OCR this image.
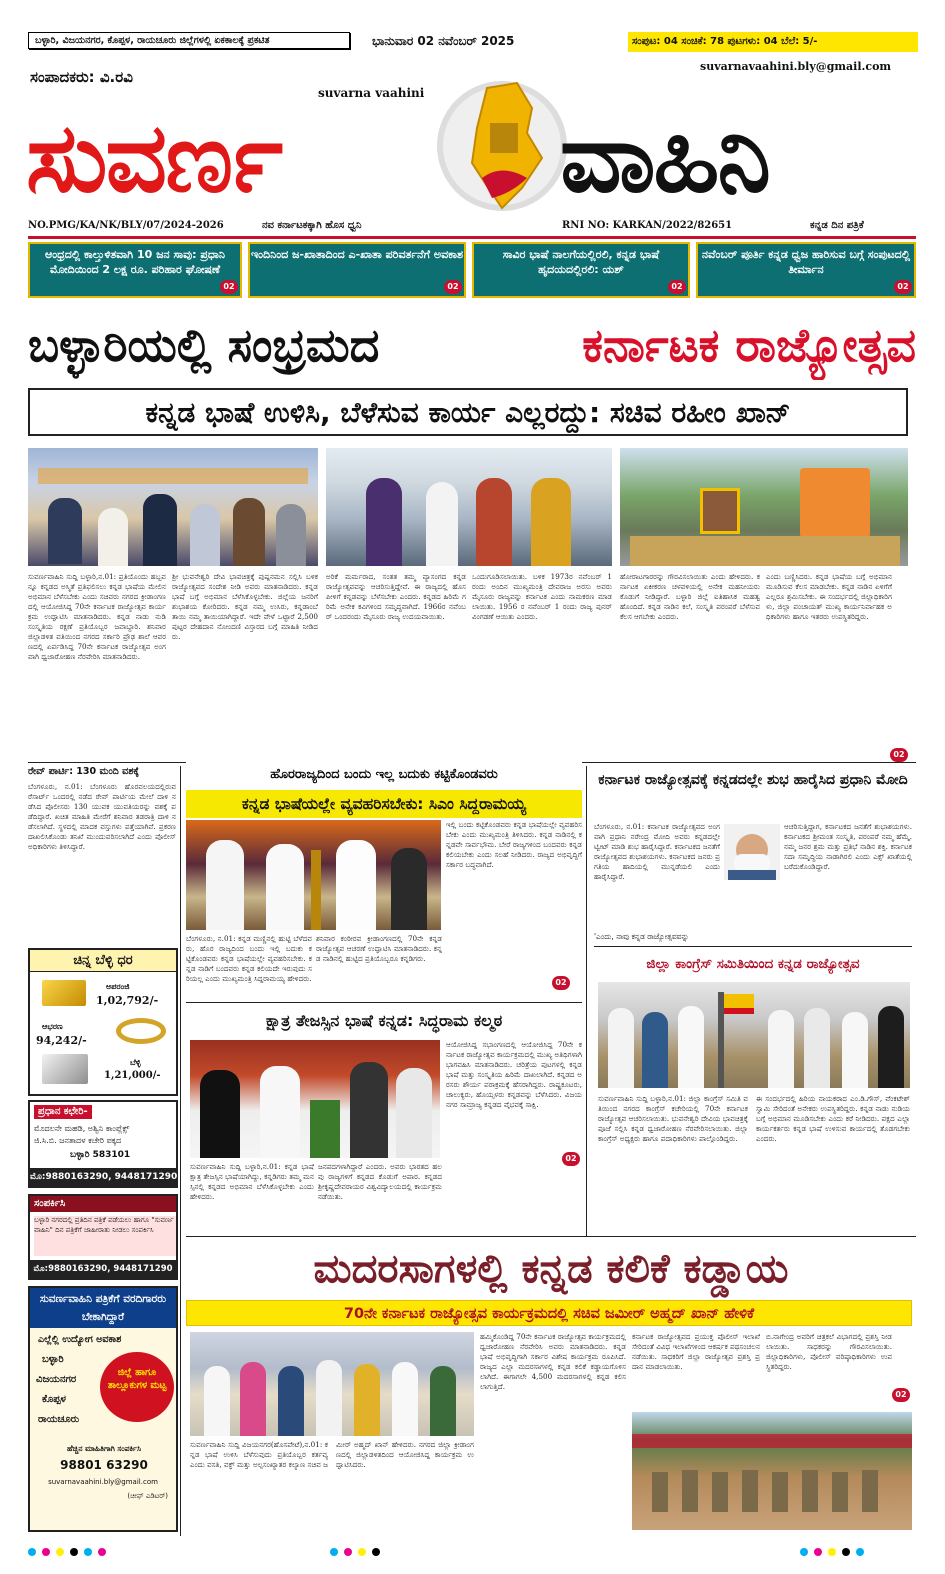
ಬಳ್ಳಾರಿ, ವಿಜಯನಗರ, ಕೊಪ್ಪಳ, ರಾಯಚೂರು ಜಿಲ್ಲೆಗಳಲ್ಲಿ ಏಕಕಾಲಕ್ಕೆ ಪ್ರಕಟಿತ	ಭಾನುವಾರ 02 ನವೆಂಬರ್ 2025	ಸಂಪುಟ: 04 ಸಂಚಿಕೆ: 78 ಪುಟಗಳು: 04 ಬೆಲೆ: 5/-
suvarnavaahini.bly@gmail.com
ಸಂಪಾದಕರು: ವಿ.ರವಿ
suvarna vaahini
ಸುವರ್ಣ	ವಾಹಿನಿ
NO.PMG/KA/NK/BLY/07/2024-2026	ನವ ಕರ್ನಾಟಕಕ್ಕಾಗಿ ಹೊಸ ಧ್ವನಿ	RNI NO: KARKAN/2022/82651	ಕನ್ನಡ ದಿನ ಪತ್ರಿಕೆ
ಆಂಧ್ರದಲ್ಲಿ ಕಾಲ್ತುಳಿತವಾಗಿ 10 ಜನ ಸಾವು: ಪ್ರಧಾನಿ ಮೋದಿಯಿಂದ 2 ಲಕ್ಷ ರೂ. ಪರಿಹಾರ ಘೋಷಣೆ
02
ಇಂದಿನಿಂದ ಜ-ಖಾತಾದಿಂದ ಎ-ಖಾತಾ ಪರಿವರ್ತನೆಗೆ ಅವಕಾಶ
02
ಸಾವಿರ ಭಾಷೆ ನಾಲಗೆಯಲ್ಲಿರಲಿ, ಕನ್ನಡ ಭಾಷೆ ಹೃದಯದಲ್ಲಿರಲಿ: ಯಶ್
02
ನವೆಂಬರ್ ಪೂರ್ತಿ ಕನ್ನಡ ಧ್ವಜ ಹಾರಿಸುವ ಬಗ್ಗೆ ಸಂಪುಟದಲ್ಲಿ ತೀರ್ಮಾನ
02
ಬಳ್ಳಾರಿಯಲ್ಲಿ ಸಂಭ್ರಮದ	ಕರ್ನಾಟಕ ರಾಜ್ಯೋತ್ಸವ
ಕನ್ನಡ ಭಾಷೆ ಉಳಿಸಿ, ಬೆಳೆಸುವ ಕಾರ್ಯ ಎಲ್ಲರದ್ದು: ಸಚಿವ ರಹೀಂ ಖಾನ್
ಸುವರ್ಣವಾಹಿನಿ ಸುದ್ದಿ ಬಳ್ಳಾರಿ,ನ.01: ಪ್ರತಿಯೊಂದು ಹಬ್ಬವನ್ನೂ ಕನ್ನಡದ ಅಸ್ಮಿತೆ ಪ್ರತಿಫಲಿಸಲು ಕನ್ನಡ ಭಾಷೆಯ ಮೇಲಿನ ಅಭಿಮಾನ ಬೆಳೆಸಬೇಕು ಎಂದು ಸಚಿವರು ನಗರದ ಕ್ರೀಡಾಂಗಣದಲ್ಲಿ ಆಯೋಜಿಸಿದ್ದ 70ನೇ ಕರ್ನಾಟಕ ರಾಜ್ಯೋತ್ಸವ ಕಾರ್ಯಕ್ರಮ ಉದ್ಘಾಟಿಸಿ ಮಾತನಾಡಿದರು. ಕನ್ನಡ ನಾಡು ನುಡಿ ಸಂಸ್ಕೃತಿಯ ರಕ್ಷಣೆ ಪ್ರತಿಯೊಬ್ಬರ ಜವಾಬ್ದಾರಿ. ಶನಿವಾರ ಜಿಲ್ಲಾಡಳಿತ ವತಿಯಿಂದ ನಗರದ ಸರ್ಕಾರಿ ಪ್ರೌಢ ಶಾಲೆ ಆವರಣದಲ್ಲಿ ಏರ್ಪಡಿಸಿದ್ದ 70ನೇ ಕರ್ನಾಟಕ ರಾಜ್ಯೋತ್ಸವ ಅಂಗವಾಗಿ ಧ್ವಜಾರೋಹಣ ನೆರವೇರಿಸಿ ಮಾತನಾಡಿದರು.
ಶ್ರೀ ಭುವನೇಶ್ವರಿ ದೇವಿ ಭಾವಚಿತ್ರಕ್ಕೆ ಪುಷ್ಪನಮನ ಸಲ್ಲಿಸಿ ಬಳಿಕ ರಾಜ್ಯೋತ್ಸವದ ಸಂದೇಶ ನೀಡಿ ಅವರು ಮಾತನಾಡಿದರು. ಕನ್ನಡ ಭಾಷೆ ಬಗ್ಗೆ ಅಭಿಮಾನ ಬೆಳೆಸಿಕೊಳ್ಳಬೇಕು. ಜಿಲ್ಲೆಯ ಜನರಿಗೆ ಶುಭಾಶಯ ಕೋರಿದರು. ಕನ್ನಡ ನಮ್ಮ ಉಸಿರು, ಕನ್ನಡಾಂಬೆ ತಾಯಿ ನಮ್ಮ ತಾಯಿಯಾಗಿದ್ದಾರೆ. ಇದೇ ವೇಳೆ ಒಟ್ಟಾರೆ 2,500 ಪುಟ್ಟರ ದೇಹದಾನ ನೋಂದಣಿ ವಿಸ್ತಾರದ ಬಗ್ಗೆ ಮಾಹಿತಿ ನೀಡಿದರು.
ಅರಿಕೆ ಮರ್ಮರಾದ, ಸಂತತ ತಮ್ಮ ವ್ಯಾಸಂಗದ ಕನ್ನಡ ರಾಜ್ಯೋತ್ಸವವನ್ನು ಆಚರಿಸುತ್ತಿದ್ದೇವೆ. ಈ ರಾಜ್ಯದಲ್ಲಿ ಹೊಸಪೀಳಿಗೆ ಕನ್ನಡವನ್ನು ಬೆಳೆಸಬೇಕು ಎಂದರು. ಕನ್ನಡದ ಹಿರಿಮೆ ಗರಿಮೆ ಅನೇಕ ಕವಿಗಳಿಂದ ಸಮೃದ್ಧವಾಗಿದೆ. 1966ರ ನವೆಂಬರ್ ಒಂದರಂದು ಮೈಸೂರು ರಾಜ್ಯ ಉದಯವಾಯಿತು.
ಒಂದುಗೂಡಿಸಲಾಯಿತು. ಬಳಿಕ 1973ರ ನವೆಂಬರ್ 1 ರಂದು ಅಂದಿನ ಮುಖ್ಯಮಂತ್ರಿ ದೇವರಾಜ ಅರಸು ಅವರು ಮೈಸೂರು ರಾಜ್ಯವನ್ನು ಕರ್ನಾಟಕ ಎಂದು ನಾಮಕರಣ ಮಾಡಲಾಯಿತು. 1956 ರ ನವೆಂಬರ್ 1 ರಂದು ರಾಜ್ಯ ಪುನರ್ ವಿಂಗಡಣೆ ಆಯಿತು ಎಂದರು.
ಹೋರಾಟಗಾರರನ್ನು ಗೌರವಿಸಲಾಯಿತು ಎಂದು ಹೇಳಿದರು. ಕರ್ನಾಟಕ ಏಕೀಕರಣ ಚಳವಳಿಯಲ್ಲಿ ಅನೇಕ ಮಹನೀಯರು ಕೊಡುಗೆ ನೀಡಿದ್ದಾರೆ. ಬಳ್ಳಾರಿ ಜಿಲ್ಲೆ ಐತಿಹಾಸಿಕ ಮಹತ್ವ ಹೊಂದಿದೆ. ಕನ್ನಡ ನಾಡಿನ ಕಲೆ, ಸಂಸ್ಕೃತಿ ಪರಂಪರೆ ಬೆಳೆಸುವ ಕೆಲಸ ಆಗಬೇಕು ಎಂದರು.
ಎಂದು ಬಣ್ಣಿಸಿದರು. ಕನ್ನಡ ಭಾಷೆಯ ಬಗ್ಗೆ ಅಭಿಮಾನ ಮೂಡಿಸುವ ಕೆಲಸ ಮಾಡಬೇಕು. ಕನ್ನಡ ನಾಡಿನ ಏಳಿಗೆಗೆ ಎಲ್ಲರೂ ಶ್ರಮಿಸಬೇಕು. ಈ ಸಂದರ್ಭದಲ್ಲಿ ಜಿಲ್ಲಾಧಿಕಾರಿಗಳು, ಜಿಲ್ಲಾ ಪಂಚಾಯತ್ ಮುಖ್ಯ ಕಾರ್ಯನಿರ್ವಾಹಕ ಅಧಿಕಾರಿಗಳು ಹಾಗೂ ಇತರರು ಉಪಸ್ಥಿತರಿದ್ದರು.
02
ರೇವ್ ಪಾರ್ಟಿ: 130 ಮಂದಿ ವಶಕ್ಕೆ
ಬೆಂಗಳೂರು, ನ.01: ಬೆಂಗಳೂರು ಹೊರವಲಯದಲ್ಲಿರುವ ರೆಸಾರ್ಟ್ ಒಂದರಲ್ಲಿ ನಡೆದ ರೇವ್ ಪಾರ್ಟಿಯ ಮೇಲೆ ದಾಳಿ ನಡೆಸಿದ ಪೊಲೀಸರು 130 ಯುವಕ ಯುವತಿಯರನ್ನು ವಶಕ್ಕೆ ಪಡೆದಿದ್ದಾರೆ. ಖಚಿತ ಮಾಹಿತಿ ಮೇರೆಗೆ ಶನಿವಾರ ತಡರಾತ್ರಿ ದಾಳಿ ನಡೆಸಲಾಗಿದೆ. ಸ್ಥಳದಲ್ಲಿ ಮಾದಕ ವಸ್ತುಗಳು ಪತ್ತೆಯಾಗಿವೆ. ಪ್ರಕರಣ ದಾಖಲಿಸಿಕೊಂಡು ತನಿಖೆ ಮುಂದುವರಿಸಲಾಗಿದೆ ಎಂದು ಪೊಲೀಸ್ ಅಧಿಕಾರಿಗಳು ತಿಳಿಸಿದ್ದಾರೆ.
ಚಿನ್ನ ಬೆಳ್ಳಿ ಧರ
ಅಪರಂಜಿ
1,02,792/-
ಆಭರಣ
94,242/-
ಬೆಳ್ಳಿ
1,21,000/-
ಪ್ರಧಾನ ಕಛೇರಿ-
ಮೊದಲನೇ ಮಹಡಿ, ಅಶ್ವಿನಿ ಕಾಂಪ್ಲೆಕ್ಸ್
ಜಿ.ಸಿ.ಬಿ. ಜನತಾದಳ ಕಚೇರಿ ಪಕ್ಕದ
ಬಳ್ಳಾರಿ 583101
ಮೊ:9880163290, 9448171290
ಸಂಪರ್ಕಿಸಿ
ಬಳ್ಳಾರಿ ನಗರದಲ್ಲಿ ಪ್ರತಿದಿನ ಪತ್ರಿಕೆ ಪಡೆಯಲು ಹಾಗೂ "ಸುವರ್ಣ ವಾಹಿನಿ" ದಿನ ಪತ್ರಿಕೆಗೆ ಜಾಹೀರಾತು ನೀಡಲು ಸಂಪರ್ಕಿಸಿ
ಮೊ:9880163290, 9448171290
ಸುವರ್ಣವಾಹಿನಿ ಪತ್ರಿಕೆಗೆ ವರದಿಗಾರರು ಬೇಕಾಗಿದ್ದಾರೆ
ಎಲ್ಲೆಲ್ಲಿ ಉದ್ಯೋಗ ಅವಕಾಶ
ಬಳ್ಳಾರಿ
ವಿಜಯನಗರ
ಕೊಪ್ಪಳ
ರಾಯಚೂರು
ಜಿಲ್ಲೆ ಹಾಗೂ ತಾಲ್ಲೂಕುಗಳ ಮಟ್ಟ
ಹೆಚ್ಚಿನ ಮಾಹಿತಿಗಾಗಿ ಸಂಪರ್ಕಿಸಿ
98801 63290
suvarnavaahini.bly@gmail.com
(ಚೀಫ್ ಎಡಿಟರ್)
ಹೊರರಾಜ್ಯದಿಂದ ಬಂದು ಇಲ್ಲ ಬದುಕು ಕಟ್ಟಿಕೊಂಡವರು
ಕನ್ನಡ ಭಾಷೆಯಲ್ಲೇ ವ್ಯವಹರಿಸಬೇಕು: ಸಿಎಂ ಸಿದ್ದರಾಮಯ್ಯ
ಇಲ್ಲಿ ಬಂದು ಕಟ್ಟಿಕೊಂಡವರು ಕನ್ನಡ ಭಾಷೆಯಲ್ಲೇ ವ್ಯವಹರಿಸಬೇಕು ಎಂದು ಮುಖ್ಯಮಂತ್ರಿ ತಿಳಿಸಿದರು. ಕನ್ನಡ ನಾಡಿನಲ್ಲಿ ಕನ್ನಡವೇ ಸಾರ್ವಭೌಮ. ಬೇರೆ ರಾಜ್ಯಗಳಿಂದ ಬಂದವರು ಕನ್ನಡ ಕಲಿಯಬೇಕು ಎಂದು ಸಲಹೆ ನೀಡಿದರು. ರಾಜ್ಯದ ಅಭಿವೃದ್ಧಿಗೆ ಸರ್ಕಾರ ಬದ್ಧವಾಗಿದೆ.
ಬೆಂಗಳೂರು, ನ.01: ಕನ್ನಡ ಮಣ್ಣಿನಲ್ಲಿ ಹುಟ್ಟಿ ಬೆಳೆದವರು, ಹೊರ ರಾಜ್ಯದಿಂದ ಬಂದು ಇಲ್ಲಿ ಬದುಕು ಕಟ್ಟಿಕೊಂಡವರು ಕನ್ನಡ ಭಾಷೆಯಲ್ಲೇ ವ್ಯವಹರಿಸಬೇಕು. ಕನ್ನಡ ನಾಡಿಗೆ ಬಂದವರು ಕನ್ನಡ ಕಲಿಯದೇ ಇರುವುದು ಸರಿಯಲ್ಲ ಎಂದು ಮುಖ್ಯಮಂತ್ರಿ ಸಿದ್ದರಾಮಯ್ಯ ಹೇಳಿದರು.
ಶನಿವಾರ ಕಂಠೀರವ ಕ್ರೀಡಾಂಗಣದಲ್ಲಿ 70ನೇ ಕನ್ನಡ ರಾಜ್ಯೋತ್ಸವ ಆಚರಣೆ ಉದ್ಘಾಟಿಸಿ ಮಾತನಾಡಿದರು. ಕನ್ನಡ ನಾಡಿನಲ್ಲಿ ಹುಟ್ಟಿದ ಪ್ರತಿಯೊಬ್ಬರೂ ಕನ್ನಡಿಗರು.
02
ಕ್ಷಾತ್ರ ತೇಜಸ್ಸಿನ ಭಾಷೆ ಕನ್ನಡ: ಸಿದ್ಧರಾಮ ಕಲ್ಮಠ
ಆಯೋಜಿಸಿದ್ದ ಸಭಾಂಗಣದಲ್ಲಿ ಆಯೋಜಿಸಿದ್ದ 70ನೇ ಕರ್ನಾಟಕ ರಾಜ್ಯೋತ್ಸವ ಕಾರ್ಯಕ್ರಮದಲ್ಲಿ ಮುಖ್ಯ ಅತಿಥಿಗಳಾಗಿ ಭಾಗವಹಿಸಿ ಮಾತನಾಡಿದರು. ಚರಿತ್ರೆಯ ಪುಟಗಳಲ್ಲಿ ಕನ್ನಡ ಭಾಷೆ ಮತ್ತು ಸಂಸ್ಕೃತಿಯ ಹಿರಿಮೆ ದಾಖಲಾಗಿದೆ. ಕನ್ನಡದ ಅರಸರು ಶೌರ್ಯ ಪರಾಕ್ರಮಕ್ಕೆ ಹೆಸರಾಗಿದ್ದರು. ರಾಷ್ಟ್ರಕೂಟರು, ಚಾಲುಕ್ಯರು, ಹೊಯ್ಸಳರು ಕನ್ನಡವನ್ನು ಬೆಳೆಸಿದರು. ವಿಜಯನಗರ ಸಾಮ್ರಾಜ್ಯ ಕನ್ನಡದ ವೈಭವಕ್ಕೆ ಸಾಕ್ಷಿ.
ಸುವರ್ಣವಾಹಿನಿ ಸುದ್ದಿ ಬಳ್ಳಾರಿ,ನ.01: ಕನ್ನಡ ಭಾಷೆ ಕ್ಷಾತ್ರ ತೇಜಸ್ಸಿನ ಭಾಷೆಯಾಗಿದ್ದು, ಕನ್ನಡಿಗರು ತಮ್ಮ ಮನಸ್ಸಿನಲ್ಲಿ ಕನ್ನಡದ ಅಭಿಮಾನ ಬೆಳೆಸಿಕೊಳ್ಳಬೇಕು ಎಂದು ಹೇಳಿದರು.
ಜನಪದಗಳಾಗಿದ್ದಾರೆ ಎಂದರು. ಅವರು ಭಾರತದ ಹಲವು ರಾಜ್ಯಗಳಿಗೆ ಕನ್ನಡದ ಕೊಡುಗೆ ಅಪಾರ. ಕನ್ನಡದ ಶ್ರೀಕೃಷ್ಣದೇವರಾಯರ ವಿಶ್ವವಿದ್ಯಾಲಯದಲ್ಲಿ ಕಾರ್ಯಕ್ರಮ ನಡೆಯಿತು.
02
ಕರ್ನಾಟಕ ರಾಜ್ಯೋತ್ಸವಕ್ಕೆ ಕನ್ನಡದಲ್ಲೇ ಶುಭ ಹಾರೈಸಿದ ಪ್ರಧಾನಿ ಮೋದಿ
ಬೆಂಗಳೂರು, ನ.01: ಕರ್ನಾಟಕ ರಾಜ್ಯೋತ್ಸವದ ಅಂಗವಾಗಿ ಪ್ರಧಾನಿ ನರೇಂದ್ರ ಮೋದಿ ಅವರು ಕನ್ನಡದಲ್ಲೇ ಟ್ವೀಟ್ ಮಾಡಿ ಶುಭ ಹಾರೈಸಿದ್ದಾರೆ. ಕರ್ನಾಟಕದ ಜನತೆಗೆ ರಾಜ್ಯೋತ್ಸವದ ಶುಭಾಶಯಗಳು. ಕರ್ನಾಟಕದ ಜನರು ಪ್ರಗತಿಯ ಹಾದಿಯಲ್ಲಿ ಮುನ್ನಡೆಯಲಿ ಎಂದು ಹಾರೈಸಿದ್ದಾರೆ.
ಆಚರಿಸುತ್ತಿದ್ದಾಗ, ಕರ್ನಾಟಕದ ಜನತೆಗೆ ಶುಭಾಶಯಗಳು. ಕರ್ನಾಟಕದ ಶ್ರೀಮಂತ ಸಂಸ್ಕೃತಿ, ಪರಂಪರೆ ನಮ್ಮ ಹೆಮ್ಮೆ. ನಮ್ಮ ಜನರ ಶ್ರಮ ಮತ್ತು ಪ್ರತಿಭೆ ನಾಡಿನ ಶಕ್ತಿ. ಕರ್ನಾಟಕ ಸದಾ ಸಮೃದ್ಧಿಯ ನಾಡಾಗಿರಲಿ ಎಂದು ಎಕ್ಸ್ ಖಾತೆಯಲ್ಲಿ ಬರೆದುಕೊಂಡಿದ್ದಾರೆ.
'ಎಂದು, ನಾವು ಕನ್ನಡ ರಾಜ್ಯೋತ್ಸವವನ್ನು
ಜಿಲ್ಲಾ ಕಾಂಗ್ರೆಸ್ ಸಮಿತಿಯಿಂದ ಕನ್ನಡ ರಾಜ್ಯೋತ್ಸವ
ಸುವರ್ಣವಾಹಿನಿ ಸುದ್ದಿ ಬಳ್ಳಾರಿ,ನ.01: ಜಿಲ್ಲಾ ಕಾಂಗ್ರೆಸ್ ಸಮಿತಿ ವತಿಯಿಂದ ನಗರದ ಕಾಂಗ್ರೆಸ್ ಕಚೇರಿಯಲ್ಲಿ 70ನೇ ಕರ್ನಾಟಕ ರಾಜ್ಯೋತ್ಸವ ಆಚರಿಸಲಾಯಿತು. ಭುವನೇಶ್ವರಿ ದೇವಿಯ ಭಾವಚಿತ್ರಕ್ಕೆ ಪೂಜೆ ಸಲ್ಲಿಸಿ ಕನ್ನಡ ಧ್ವಜಾರೋಹಣ ನೆರವೇರಿಸಲಾಯಿತು. ಜಿಲ್ಲಾ ಕಾಂಗ್ರೆಸ್ ಅಧ್ಯಕ್ಷರು ಹಾಗೂ ಪದಾಧಿಕಾರಿಗಳು ಪಾಲ್ಗೊಂಡಿದ್ದರು.
ಈ ಸಂದರ್ಭದಲ್ಲಿ ಹಿರಿಯ ನಾಯಕರಾದ ಎಂ.ಡಿ.ಗೌಸ್, ವೆಂಕಟೇಶ್ ಸ್ವಾಮಿ ಸೇರಿದಂತೆ ಅನೇಕರು ಉಪಸ್ಥಿತರಿದ್ದರು. ಕನ್ನಡ ನಾಡು ನುಡಿಯ ಬಗ್ಗೆ ಅಭಿಮಾನ ಮೂಡಿಸಬೇಕು ಎಂದು ಕರೆ ನೀಡಿದರು. ಪಕ್ಷದ ಎಲ್ಲಾ ಕಾರ್ಯಕರ್ತರು ಕನ್ನಡ ಭಾಷೆ ಉಳಿಸುವ ಕಾರ್ಯದಲ್ಲಿ ತೊಡಗಬೇಕು ಎಂದರು.
ಮದರಸಾಗಳಲ್ಲಿ ಕನ್ನಡ ಕಲಿಕೆ ಕಡ್ಡಾಯ
70ನೇ ಕರ್ನಾಟಕ ರಾಜ್ಯೋತ್ಸವ ಕಾರ್ಯಕ್ರಮದಲ್ಲಿ ಸಚಿವ ಜಮೀರ್ ಅಹ್ಮದ್ ಖಾನ್ ಹೇಳಿಕೆ
ಹಮ್ಮಿಕೊಂಡಿದ್ದ 70ನೇ ಕರ್ನಾಟಕ ರಾಜ್ಯೋತ್ಸವ ಕಾರ್ಯಕ್ರಮದಲ್ಲಿ ಧ್ವಜಾರೋಹಣ ನೆರವೇರಿಸಿ ಅವರು ಮಾತನಾಡಿದರು. ಕನ್ನಡ ಭಾಷೆ ಅಭಿವೃದ್ಧಿಗಾಗಿ ಸರ್ಕಾರ ವಿಶೇಷ ಕಾರ್ಯಕ್ರಮ ರೂಪಿಸಿದೆ. ರಾಜ್ಯದ ಎಲ್ಲಾ ಮದರಸಾಗಳಲ್ಲಿ ಕನ್ನಡ ಕಲಿಕೆ ಕಡ್ಡಾಯಗೊಳಿಸಲಾಗಿದೆ. ಈಗಾಗಲೇ 4,500 ಮದರಸಾಗಳಲ್ಲಿ ಕನ್ನಡ ಕಲಿಸಲಾಗುತ್ತಿದೆ.
ಕರ್ನಾಟಕ ರಾಜ್ಯೋತ್ಸವದ ಪ್ರಯುಕ್ತ ಪೊಲೀಸ್ ಇಲಾಖೆ ಸೇರಿದಂತೆ ವಿವಿಧ ಇಲಾಖೆಗಳಿಂದ ಆಕರ್ಷಕ ಪಥಸಂಚಲನ ನಡೆಯಿತು. ಸಾಧಕರಿಗೆ ಜಿಲ್ಲಾ ರಾಜ್ಯೋತ್ಸವ ಪ್ರಶಸ್ತಿ ಪ್ರದಾನ ಮಾಡಲಾಯಿತು.
ಬಿ.ನಾಗೇಂದ್ರ ಅವರಿಗೆ ಚಿತ್ರಕಲೆ ವಿಭಾಗದಲ್ಲಿ ಪ್ರಶಸ್ತಿ ನೀಡಲಾಯಿತು. ಸಾಧಕರನ್ನು ಗೌರವಿಸಲಾಯಿತು. ಜಿಲ್ಲಾಧಿಕಾರಿಗಳು, ಪೊಲೀಸ್ ವರಿಷ್ಠಾಧಿಕಾರಿಗಳು ಉಪಸ್ಥಿತರಿದ್ದರು.
02
ಸುವರ್ಣವಾಹಿನಿ ಸುದ್ದಿ ವಿಜಯನಗರ(ಹೊಸಪೇಟೆ),ನ.01: ಕನ್ನಡ ಭಾಷೆ ಉಳಿಸಿ ಬೆಳೆಸುವುದು ಪ್ರತಿಯೊಬ್ಬರ ಕರ್ತವ್ಯ ಎಂದು ವಸತಿ, ವಕ್ಫ್ ಮತ್ತು ಅಲ್ಪಸಂಖ್ಯಾತರ ಕಲ್ಯಾಣ ಸಚಿವ ಜಮೀರ್ ಅಹ್ಮದ್ ಖಾನ್ ಹೇಳಿದರು. ನಗರದ ಜಿಲ್ಲಾ ಕ್ರೀಡಾಂಗಣದಲ್ಲಿ ಜಿಲ್ಲಾಡಳಿತದಿಂದ ಆಯೋಜಿಸಿದ್ದ ಕಾರ್ಯಕ್ರಮ ಉದ್ಘಾಟಿಸಿದರು.
